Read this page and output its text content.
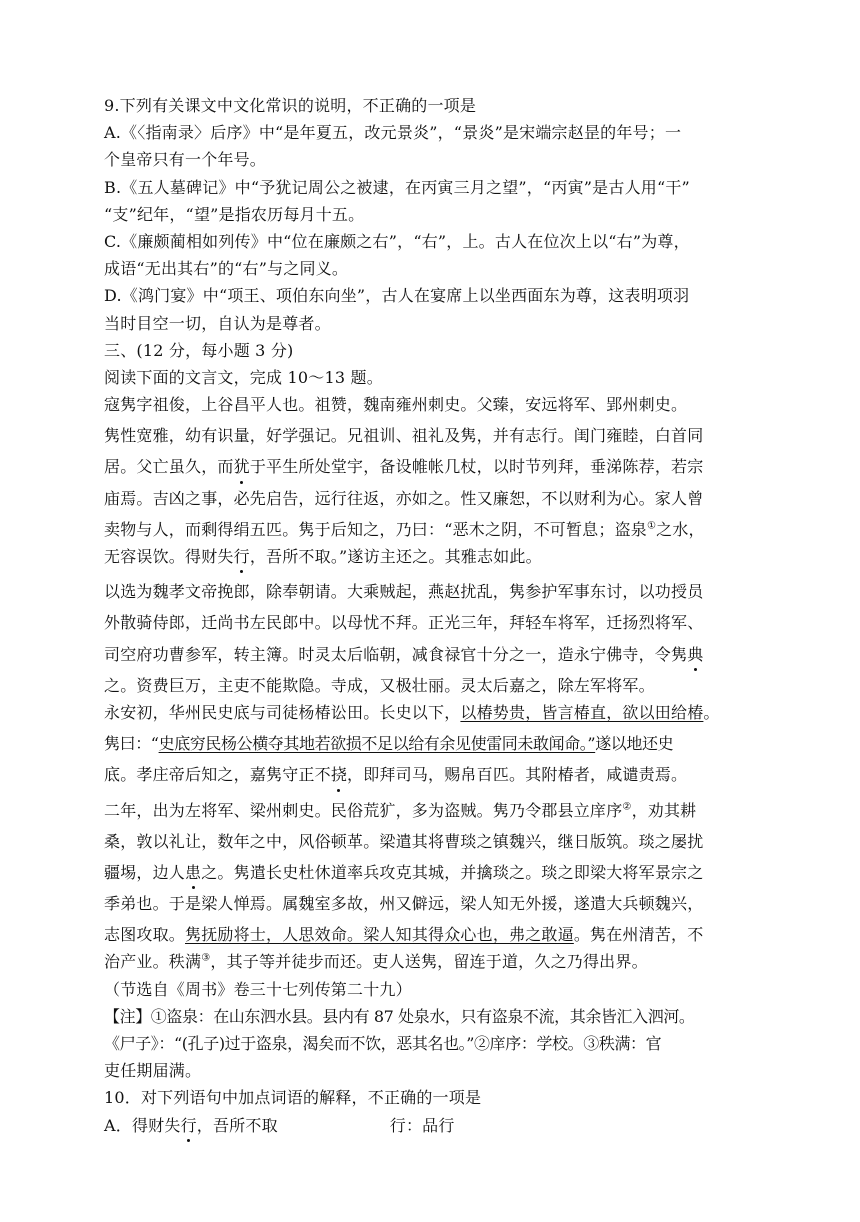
9.下列有关课文中文化常识的说明，不正确的一项是
A.《〈指南录〉后序》中“是年夏五，改元景炎”，“景炎”是宋端宗赵昰的年号；一
个皇帝只有一个年号。
B.《五人墓碑记》中“予犹记周公之被逮，在丙寅三月之望”，“丙寅”是古人用“干”
“支”纪年，“望”是指农历每月十五。
C.《廉颇蔺相如列传》中“位在廉颇之右”，“右”，上。古人在位次上以“右”为尊，
成语“无出其右”的“右”与之同义。
D.《鸿门宴》中“项王、项伯东向坐”，古人在宴席上以坐西面东为尊，这表明项羽
当时目空一切，自认为是尊者。
三、(12 分，每小题 3 分)
阅读下面的文言文，完成 10～13 题。
寇隽字祖俊，上谷昌平人也。祖赞，魏南雍州刺史。父臻，安远将军、郢州刺史。
隽性宽雅，幼有识量，好学强记。兄祖训、祖礼及隽，并有志行。闺门雍睦，白首同
居。父亡虽久，而犹于平生所处堂宇，备设帷帐几杖，以时节列拜，垂涕陈荐，若宗
庙焉。吉凶之事，必先启告，远行往返，亦如之。性又廉恕，不以财利为心。家人曾
卖物与人，而剩得绢五匹。隽于后知之，乃曰：“恶木之阴，不可暂息；盗泉①之水，
无容误饮。得财失行，吾所不取。”遂访主还之。其雅志如此。
以选为魏孝文帝挽郎，除奉朝请。大乘贼起，燕赵扰乱，隽参护军事东讨，以功授员
外散骑侍郎，迁尚书左民郎中。以母忧不拜。正光三年，拜轻车将军，迁扬烈将军、
司空府功曹参军，转主簿。时灵太后临朝，减食禄官十分之一，造永宁佛寺，令隽典
之。资费巨万，主吏不能欺隐。寺成，又极壮丽。灵太后嘉之，除左军将军。
永安初，华州民史底与司徒杨椿讼田。长史以下，以椿势贵，皆言椿直，欲以田给椿。
隽曰：“史底穷民杨公横夺其地若欲损不足以给有余见使雷同未敢闻命。”遂以地还史
底。孝庄帝后知之，嘉隽守正不挠，即拜司马，赐帛百匹。其附椿者，咸谴责焉。
二年，出为左将军、梁州刺史。民俗荒犷，多为盗贼。隽乃令郡县立庠序②，劝其耕
桑，敦以礼让，数年之中，风俗顿革。梁遣其将曹琰之镇魏兴，继日版筑。琰之屡扰
疆埸，边人患之。隽遣长史杜休道率兵攻克其城，并擒琰之。琰之即梁大将军景宗之
季弟也。于是梁人惮焉。属魏室多故，州又僻远，梁人知无外援，遂遣大兵顿魏兴，
志图攻取。隽抚励将士，人思效命。梁人知其得众心也，弗之敢逼。隽在州清苦，不
治产业。秩满③，其子等并徒步而还。吏人送隽，留连于道，久之乃得出界。
（节选自《周书》卷三十七列传第二十九）
【注】①盗泉：在山东泗水县。县内有 87 处泉水，只有盗泉不流，其余皆汇入泗河。
《尸子》：“(孔子)过于盗泉，渴矣而不饮，恶其名也。”②庠序：学校。③秩满：官
吏任期届满。
10．对下列语句中加点词语的解释，不正确的一项是
A．得财失行，吾所不取	行：品行
